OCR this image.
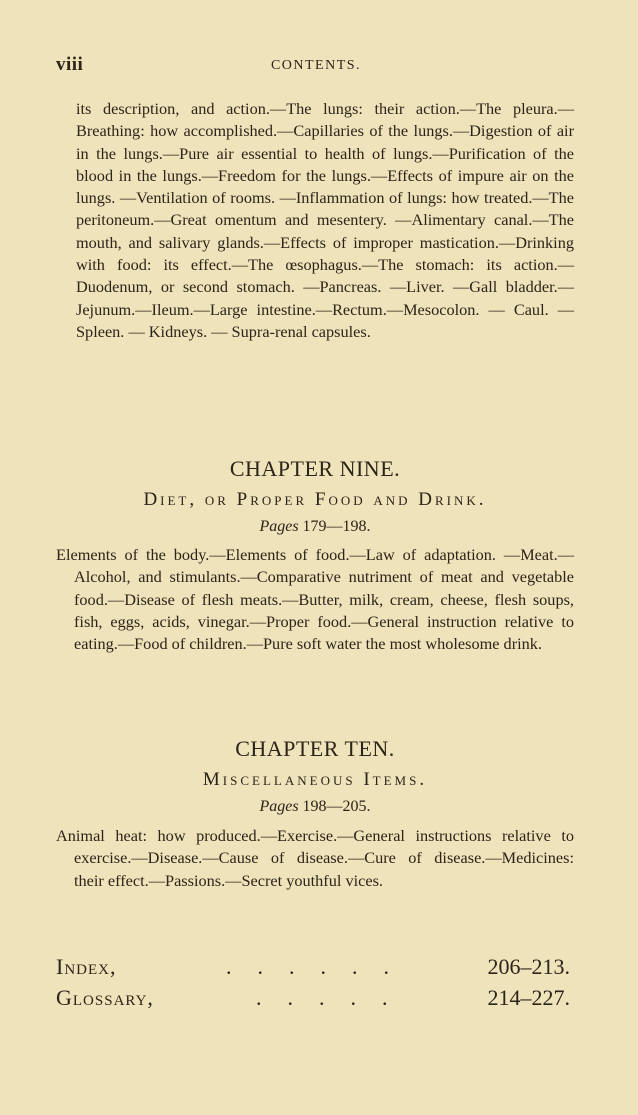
viii	CONTENTS.
its description, and action.—The lungs: their action.—The pleura.—Breathing: how accomplished.—Capillaries of the lungs.—Digestion of air in the lungs.—Pure air essential to health of lungs.—Purification of the blood in the lungs.—Freedom for the lungs.—Effects of impure air on the lungs. —Ventilation of rooms. —Inflammation of lungs: how treated.—The peritoneum.—Great omentum and mesentery. —Alimentary canal.—The mouth, and salivary glands.—Effects of improper mastication.—Drinking with food: its effect.—The œsophagus.—The stomach: its action.—Duodenum, or second stomach. —Pancreas. —Liver. —Gall bladder.—Jejunum.—Ileum.—Large intestine.—Rectum.—Mesocolon. — Caul. — Spleen. — Kidneys. — Supra-renal capsules.
CHAPTER NINE.
Diet, or Proper Food and Drink.
Pages 179—198.
Elements of the body.—Elements of food.—Law of adaptation. —Meat.—Alcohol, and stimulants.—Comparative nutriment of meat and vegetable food.—Disease of flesh meats.—Butter, milk, cream, cheese, flesh soups, fish, eggs, acids, vinegar.—Proper food.—General instruction relative to eating.—Food of children.—Pure soft water the most wholesome drink.
CHAPTER TEN.
Miscellaneous Items.
Pages 198—205.
Animal heat: how produced.—Exercise.—General instructions relative to exercise.—Disease.—Cause of disease.—Cure of disease.—Medicines: their effect.—Passions.—Secret youthful vices.
Index,	......	206–213.
Glossary,	.....	214–227.
